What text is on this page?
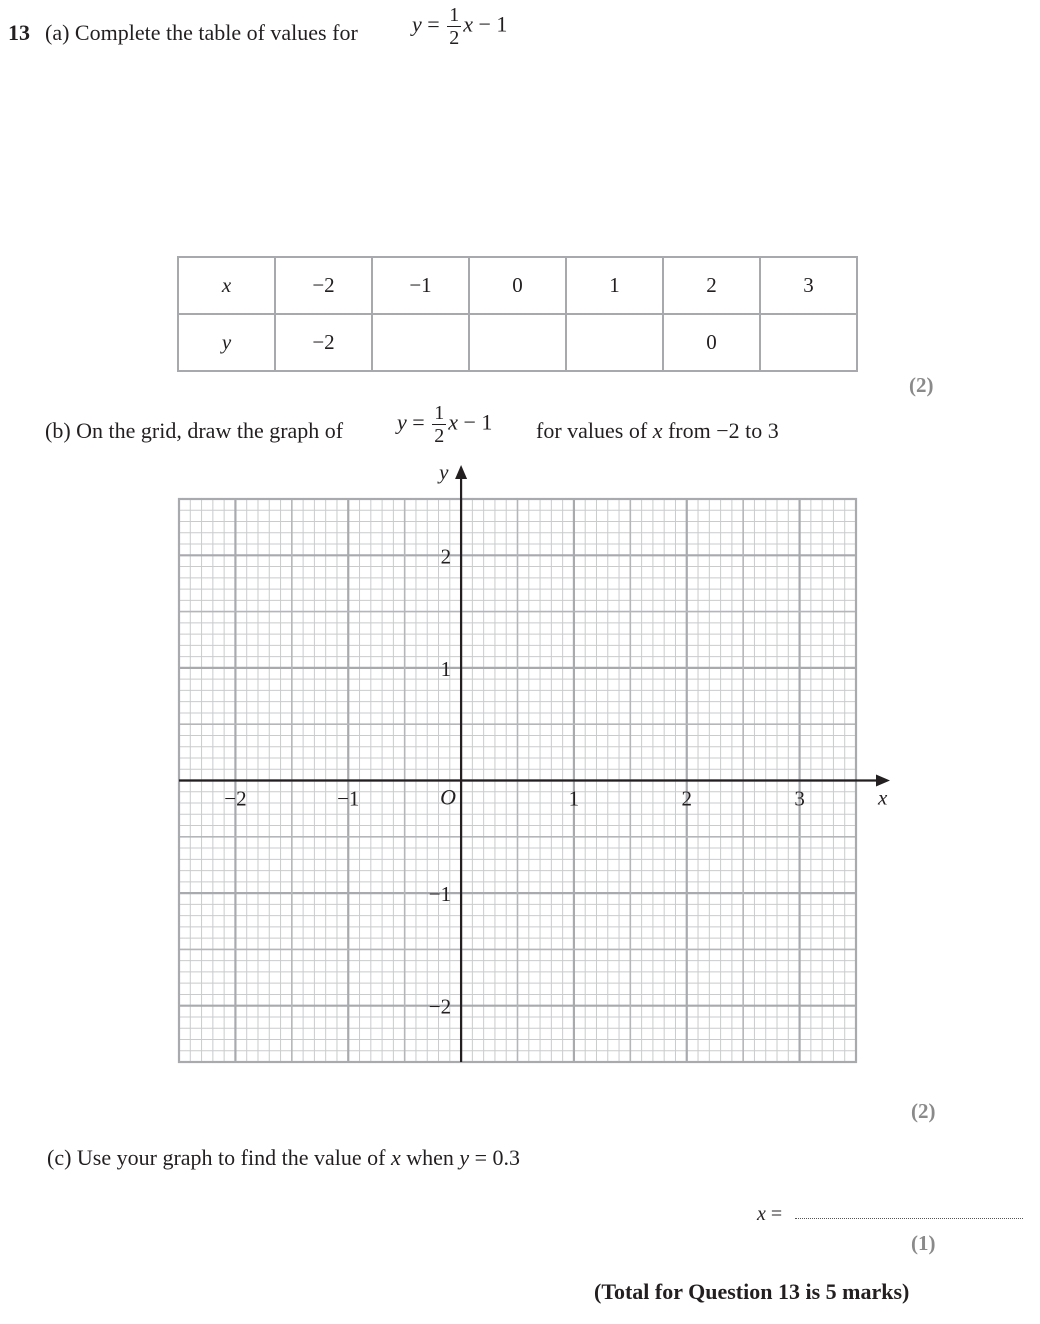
13 (a) Complete the table of values for $y = \frac{1}{2}$ x − 1
x	−2	−1	0	1	2	3
y	−2				0	
(2)
(b) On the grid, draw the graph of $y = \frac{1}{2}$ x − 1 for values of x from −2 to 3
x
y
O
−2	−1	1	2	3
−2
−1
1
2
(2)
(c) Use your graph to find the value of x when y = 0.3
x =
(1)
(Total for Question 13 is 5 marks)
